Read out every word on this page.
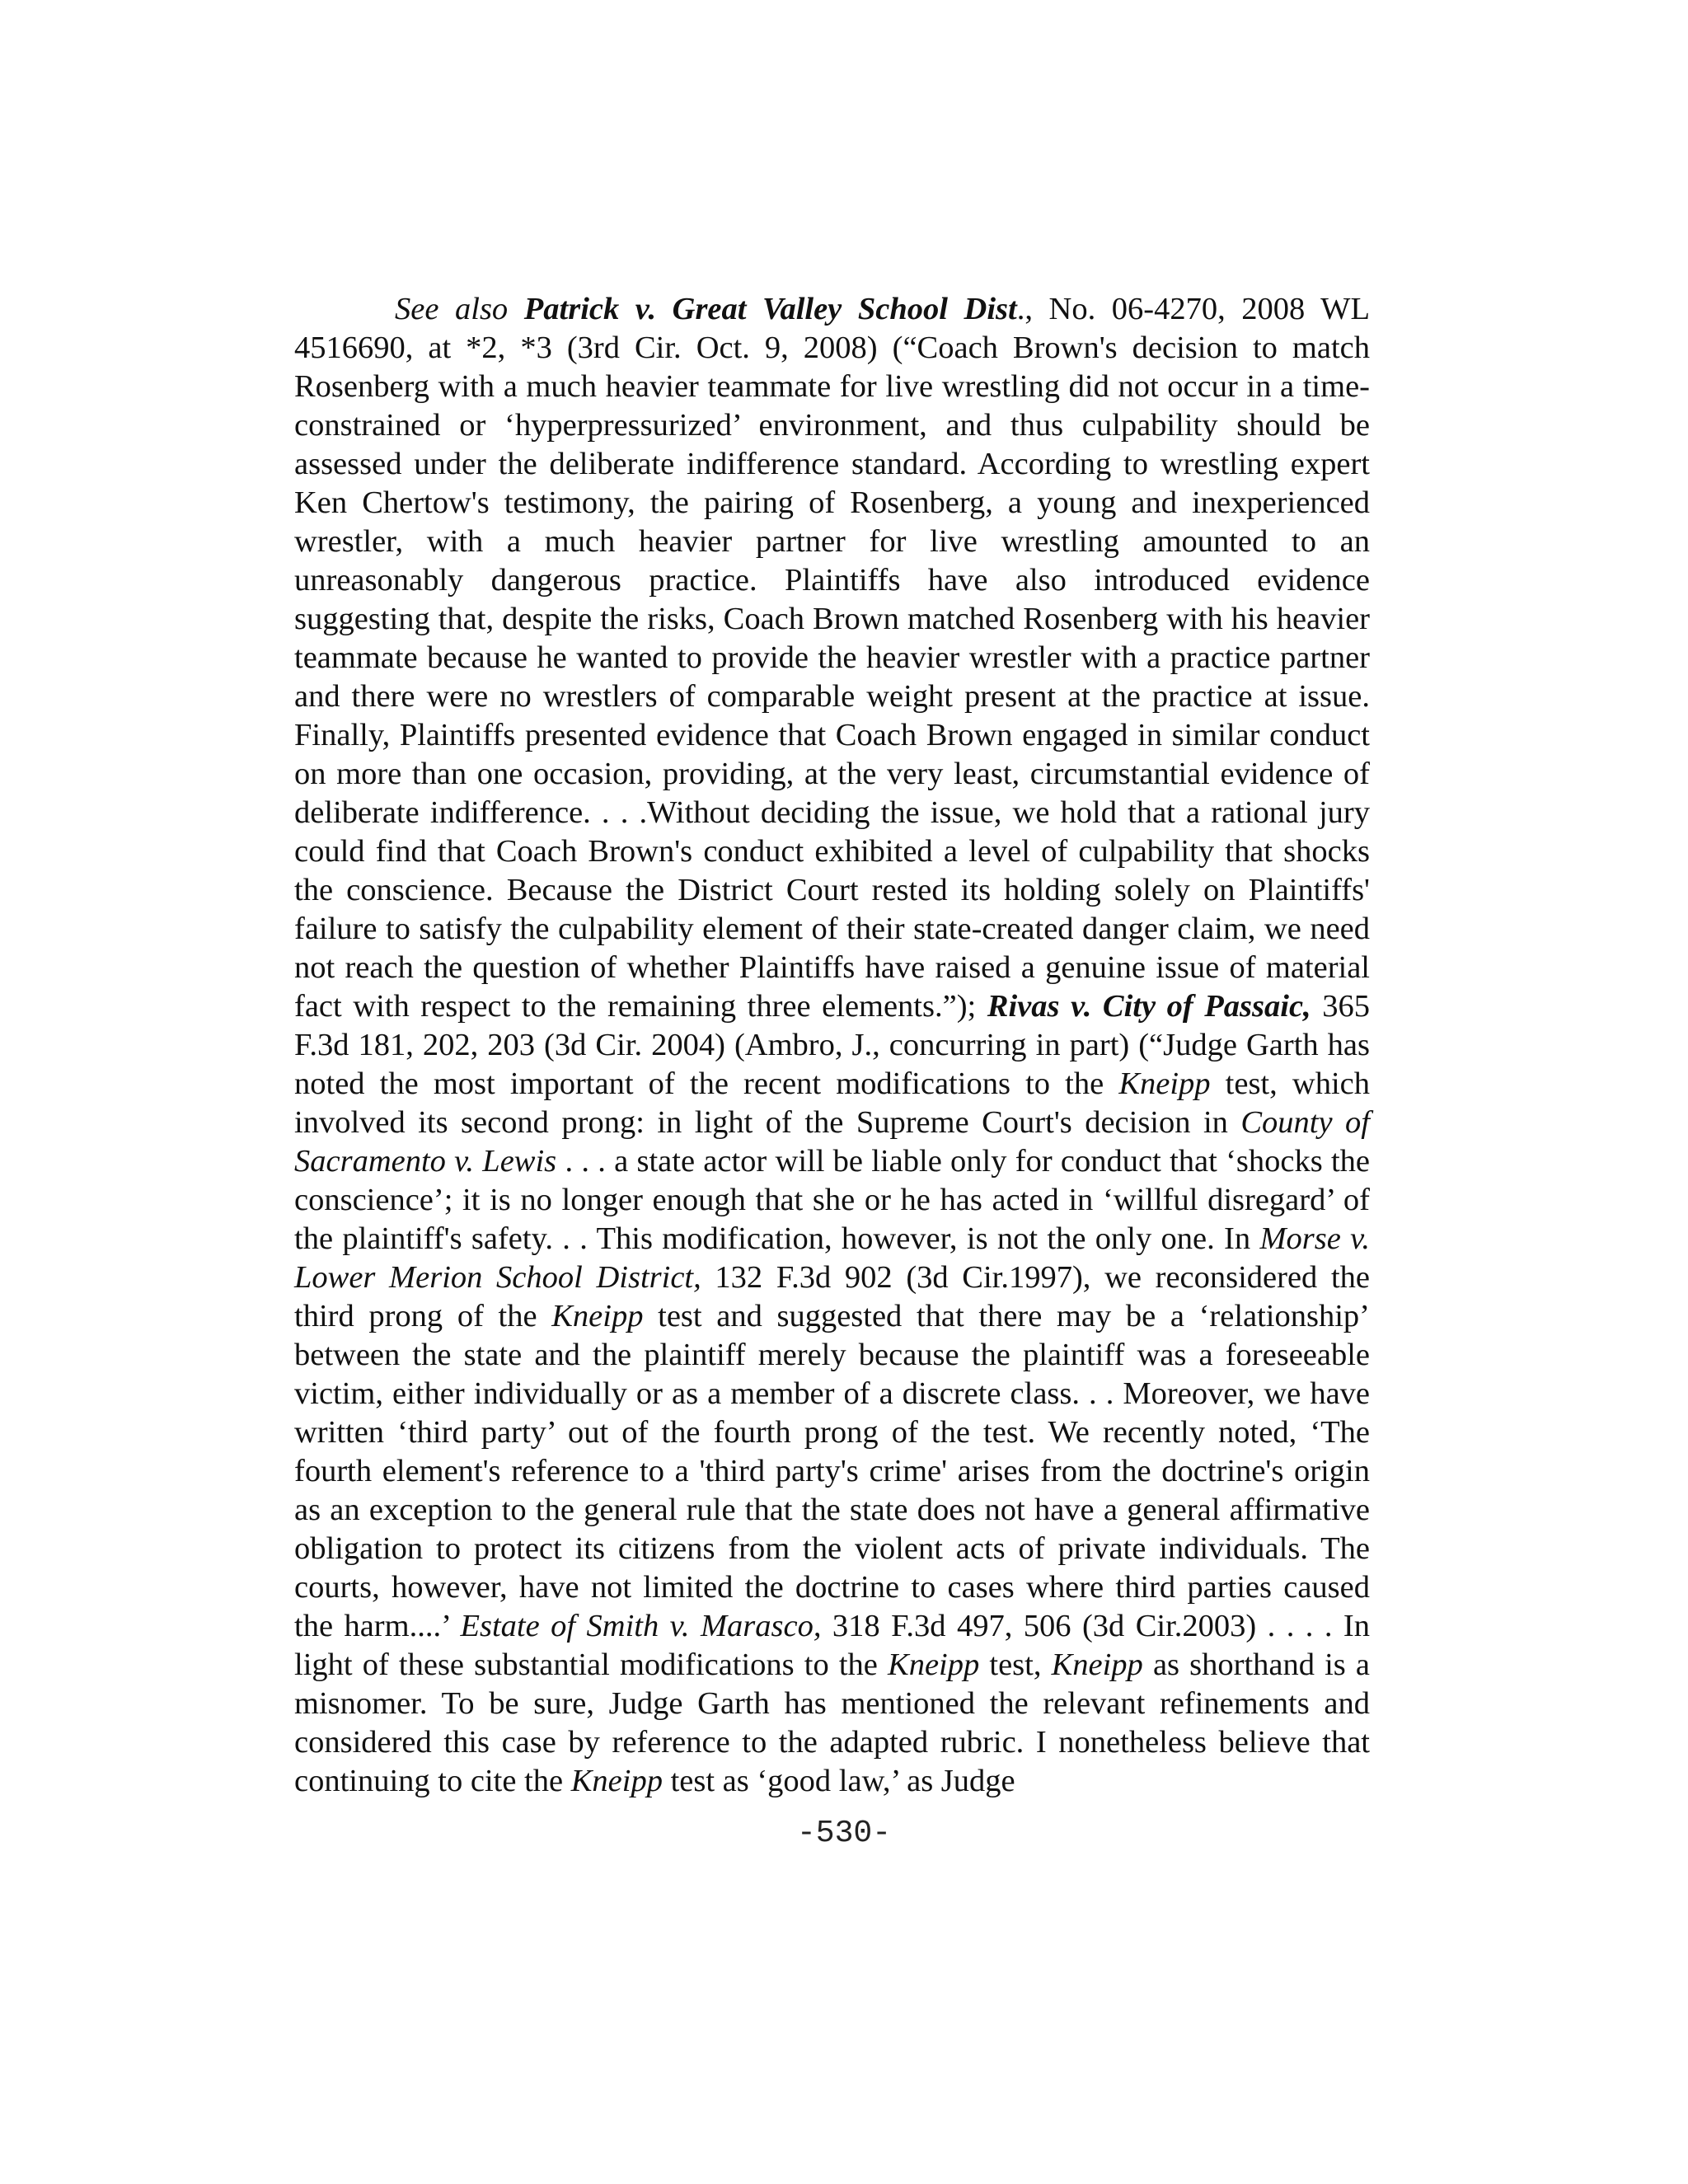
See also Patrick v. Great Valley School Dist., No. 06-4270, 2008 WL 4516690, at *2, *3 (3rd Cir. Oct. 9, 2008) (“Coach Brown's decision to match Rosenberg with a much heavier teammate for live wrestling did not occur in a time-constrained or ‘hyperpressurized’ environment, and thus culpability should be assessed under the deliberate indifference standard. According to wrestling expert Ken Chertow's testimony, the pairing of Rosenberg, a young and inexperienced wrestler, with a much heavier partner for live wrestling amounted to an unreasonably dangerous practice. Plaintiffs have also introduced evidence suggesting that, despite the risks, Coach Brown matched Rosenberg with his heavier teammate because he wanted to provide the heavier wrestler with a practice partner and there were no wrestlers of comparable weight present at the practice at issue. Finally, Plaintiffs presented evidence that Coach Brown engaged in similar conduct on more than one occasion, providing, at the very least, circumstantial evidence of deliberate indifference. . . .Without deciding the issue, we hold that a rational jury could find that Coach Brown's conduct exhibited a level of culpability that shocks the conscience. Because the District Court rested its holding solely on Plaintiffs' failure to satisfy the culpability element of their state-created danger claim, we need not reach the question of whether Plaintiffs have raised a genuine issue of material fact with respect to the remaining three elements.”); Rivas v. City of Passaic, 365 F.3d 181, 202, 203 (3d Cir. 2004) (Ambro, J., concurring in part) (“Judge Garth has noted the most important of the recent modifications to the Kneipp test, which involved its second prong: in light of the Supreme Court's decision in County of Sacramento v. Lewis . . . a state actor will be liable only for conduct that ‘shocks the conscience’; it is no longer enough that she or he has acted in ‘willful disregard’ of the plaintiff's safety. . . This modification, however, is not the only one. In Morse v. Lower Merion School District, 132 F.3d 902 (3d Cir.1997), we reconsidered the third prong of the Kneipp test and suggested that there may be a ‘relationship’ between the state and the plaintiff merely because the plaintiff was a foreseeable victim, either individually or as a member of a discrete class. . . Moreover, we have written ‘third party’ out of the fourth prong of the test. We recently noted, ‘The fourth element's reference to a 'third party's crime' arises from the doctrine's origin as an exception to the general rule that the state does not have a general affirmative obligation to protect its citizens from the violent acts of private individuals. The courts, however, have not limited the doctrine to cases where third parties caused the harm....’ Estate of Smith v. Marasco, 318 F.3d 497, 506 (3d Cir.2003) . . . . In light of these substantial modifications to the Kneipp test, Kneipp as shorthand is a misnomer. To be sure, Judge Garth has mentioned the relevant refinements and considered this case by reference to the adapted rubric. I nonetheless believe that continuing to cite the Kneipp test as ‘good law,’ as Judge

-530-
